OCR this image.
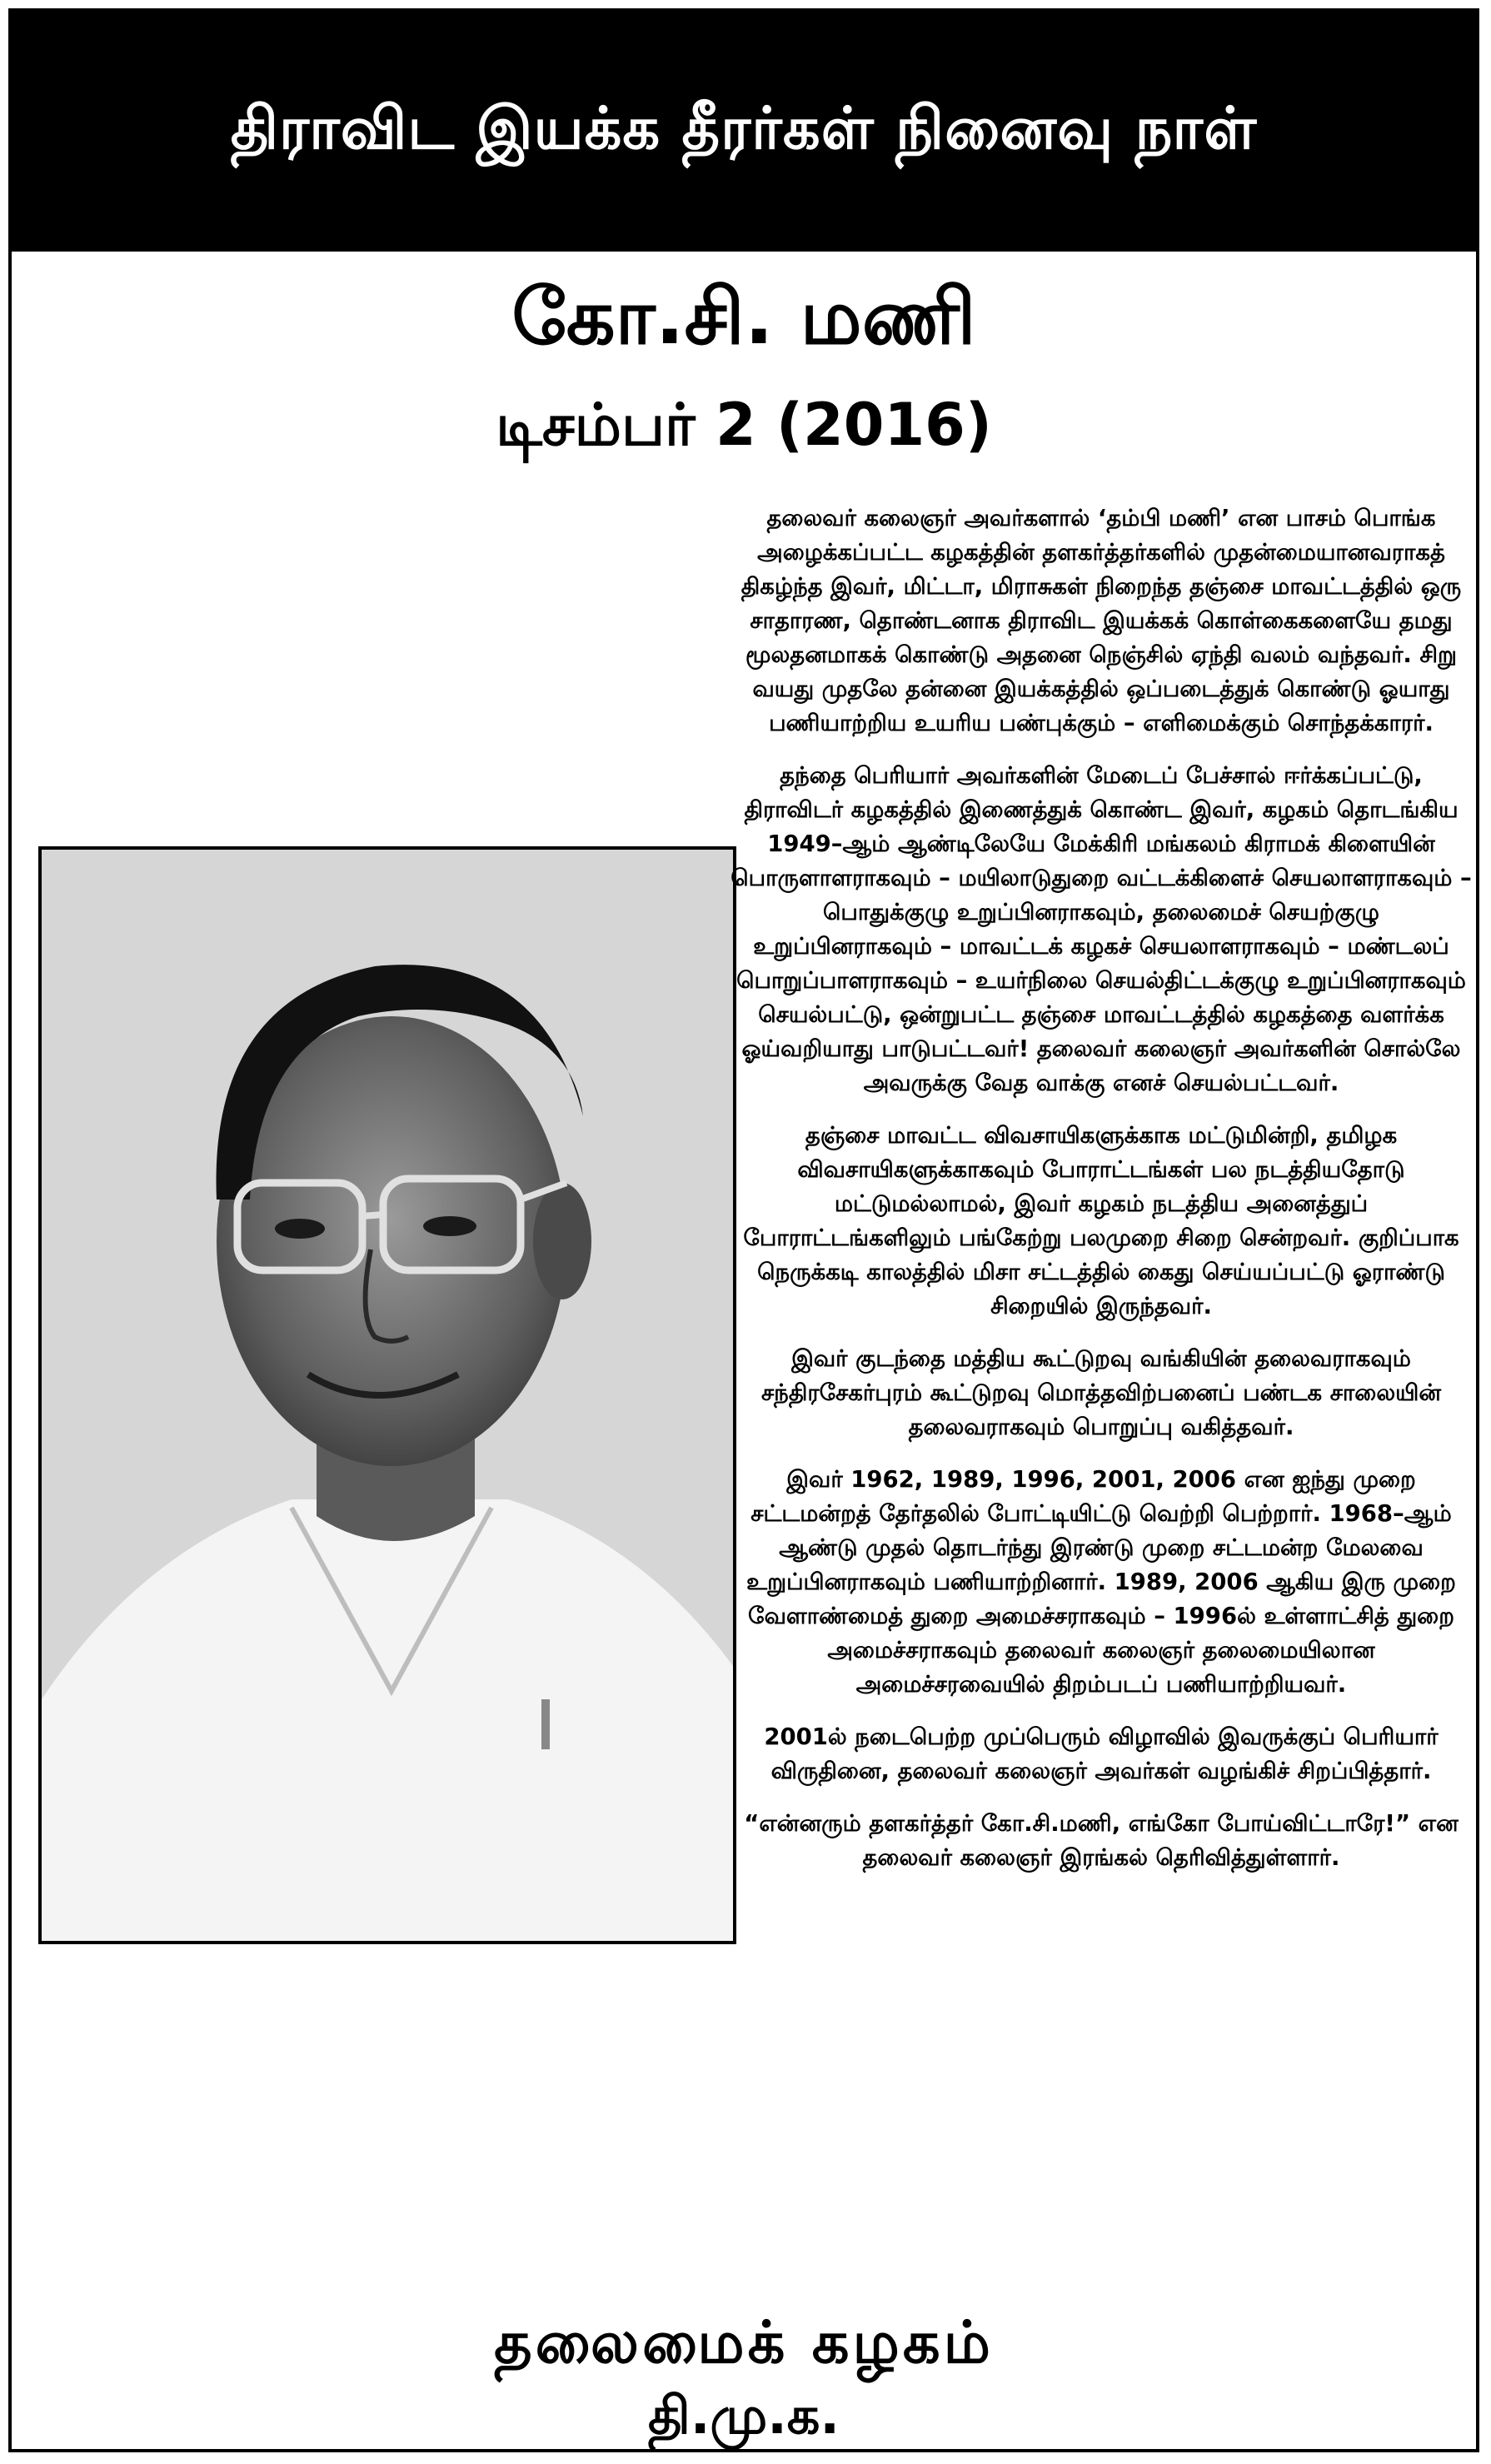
திராவிட இயக்க தீரர்கள் நினைவு நாள்
கோ.சி. மணி
டிசம்பர் 2 (2016)

தலைவர் கலைஞர் அவர்களால் ‘தம்பி மணி’ என பாசம் பொங்க அழைக்கப்பட்ட கழகத்தின் தளகர்த்தர்களில் முதன்மையானவராகத் திகழ்ந்த இவர், மிட்டா, மிராசுகள் நிறைந்த தஞ்சை மாவட்டத்தில் ஒரு சாதாரண, தொண்டனாக திராவிட இயக்கக் கொள்கைகளையே தமது மூலதனமாகக் கொண்டு அதனை நெஞ்சில் ஏந்தி வலம் வந்தவர். சிறு வயது முதலே தன்னை இயக்கத்தில் ஒப்படைத்துக் கொண்டு ஓயாது பணியாற்றிய உயரிய பண்புக்கும் – எளிமைக்கும் சொந்தக்காரர்.

தந்தை பெரியார் அவர்களின் மேடைப் பேச்சால் ஈர்க்கப்பட்டு, திராவிடர் கழகத்தில் இணைத்துக் கொண்ட இவர், கழகம் தொடங்கிய 1949–ஆம் ஆண்டிலேயே மேக்கிரி மங்கலம் கிராமக் கிளையின் பொருளாளராகவும் – மயிலாடுதுறை வட்டக்கிளைச் செயலாளராகவும் – பொதுக்குழு உறுப்பினராகவும், தலைமைச் செயற்குழு உறுப்பினராகவும் – மாவட்டக் கழகச் செயலாளராகவும் – மண்டலப் பொறுப்பாளராகவும் – உயர்நிலை செயல்திட்டக்குழு உறுப்பினராகவும் செயல்பட்டு, ஒன்றுபட்ட தஞ்சை மாவட்டத்தில் கழகத்தை வளர்க்க ஓய்வறியாது பாடுபட்டவர்! தலைவர் கலைஞர் அவர்களின் சொல்லே அவருக்கு வேத வாக்கு எனச் செயல்பட்டவர்.

தஞ்சை மாவட்ட விவசாயிகளுக்காக மட்டுமின்றி, தமிழக விவசாயிகளுக்காகவும் போராட்டங்கள் பல நடத்தியதோடு மட்டுமல்லாமல், இவர் கழகம் நடத்திய அனைத்துப் போராட்டங்களிலும் பங்கேற்று பலமுறை சிறை சென்றவர். குறிப்பாக நெருக்கடி காலத்தில் மிசா சட்டத்தில் கைது செய்யப்பட்டு ஓராண்டு சிறையில் இருந்தவர்.

இவர் குடந்தை மத்திய கூட்டுறவு வங்கியின் தலைவராகவும் சந்திரசேகர்புரம் கூட்டுறவு மொத்தவிற்பனைப் பண்டக சாலையின் தலைவராகவும் பொறுப்பு வகித்தவர்.

இவர் 1962, 1989, 1996, 2001, 2006 என ஐந்து முறை சட்டமன்றத் தேர்தலில் போட்டியிட்டு வெற்றி பெற்றார். 1968–ஆம் ஆண்டு முதல் தொடர்ந்து இரண்டு முறை சட்டமன்ற மேலவை உறுப்பினராகவும் பணியாற்றினார். 1989, 2006 ஆகிய இரு முறை வேளாண்மைத் துறை அமைச்சராகவும் – 1996ல் உள்ளாட்சித் துறை அமைச்சராகவும் தலைவர் கலைஞர் தலைமையிலான அமைச்சரவையில் திறம்படப் பணியாற்றியவர்.

2001ல் நடைபெற்ற முப்பெரும் விழாவில் இவருக்குப் பெரியார் விருதினை, தலைவர் கலைஞர் அவர்கள் வழங்கிச் சிறப்பித்தார்.

“என்னரும் தளகர்த்தர் கோ.சி.மணி, எங்கோ போய்விட்டாரே!” என தலைவர் கலைஞர் இரங்கல் தெரிவித்துள்ளார்.

தலைமைக் கழகம்
தி.மு.க.
